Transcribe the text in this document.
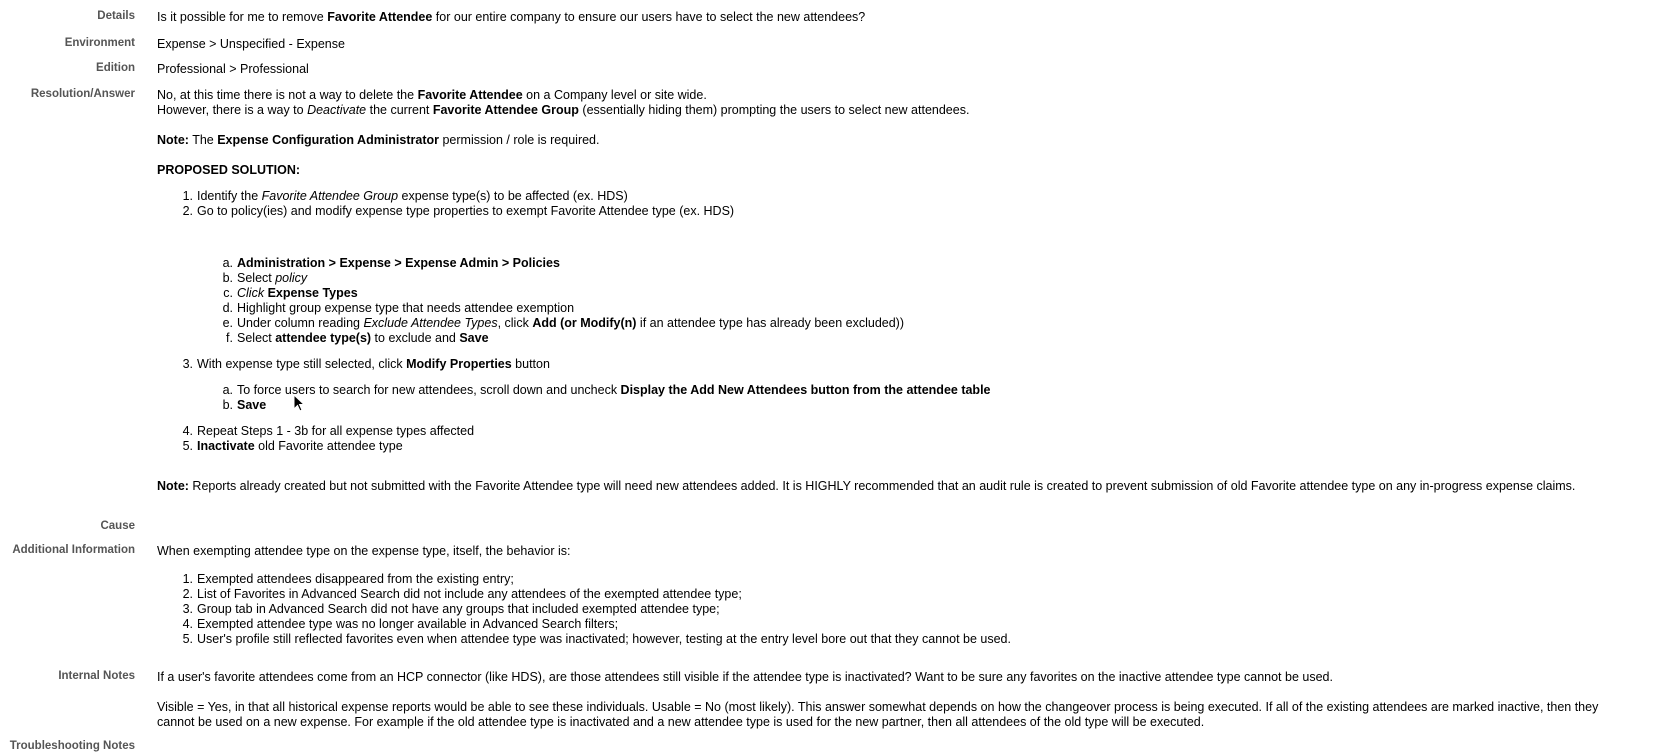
Details Is it possible for me to remove Favorite Attendee for our entire company to ensure our users have to select the new attendees?
Environment Expense > Unspecified - Expense
Edition Professional > Professional
Resolution/Answer No, at this time there is not a way to delete the Favorite Attendee on a Company level or site wide.
However, there is a way to Deactivate the current Favorite Attendee Group (essentially hiding them) prompting the users to select new attendees.
Note: The Expense Configuration Administrator permission / role is required.
PROPOSED SOLUTION:
1. Identify the Favorite Attendee Group expense type(s) to be affected (ex. HDS)
2. Go to policy(ies) and modify expense type properties to exempt Favorite Attendee type (ex. HDS)
a. Administration > Expense > Expense Admin > Policies
b. Select policy
c. Click Expense Types
d. Highlight group expense type that needs attendee exemption
e. Under column reading Exclude Attendee Types, click Add (or Modify(n) if an attendee type has already been excluded))
f. Select attendee type(s) to exclude and Save
3. With expense type still selected, click Modify Properties button
a. To force users to search for new attendees, scroll down and uncheck Display the Add New Attendees button from the attendee table
b. Save
4. Repeat Steps 1 - 3b for all expense types affected
5. Inactivate old Favorite attendee type
Note: Reports already created but not submitted with the Favorite Attendee type will need new attendees added. It is HIGHLY recommended that an audit rule is created to prevent submission of old Favorite attendee type on any in-progress expense claims.
Cause
Additional Information When exempting attendee type on the expense type, itself, the behavior is:
1. Exempted attendees disappeared from the existing entry;
2. List of Favorites in Advanced Search did not include any attendees of the exempted attendee type;
3. Group tab in Advanced Search did not have any groups that included exempted attendee type;
4. Exempted attendee type was no longer available in Advanced Search filters;
5. User's profile still reflected favorites even when attendee type was inactivated; however, testing at the entry level bore out that they cannot be used.
Internal Notes If a user's favorite attendees come from an HCP connector (like HDS), are those attendees still visible if the attendee type is inactivated? Want to be sure any favorites on the inactive attendee type cannot be used.
Visible = Yes, in that all historical expense reports would be able to see these individuals. Usable = No (most likely). This answer somewhat depends on how the changeover process is being executed. If all of the existing attendees are marked inactive, then they
cannot be used on a new expense. For example if the old attendee type is inactivated and a new attendee type is used for the new partner, then all attendees of the old type will be executed.
Troubleshooting Notes
